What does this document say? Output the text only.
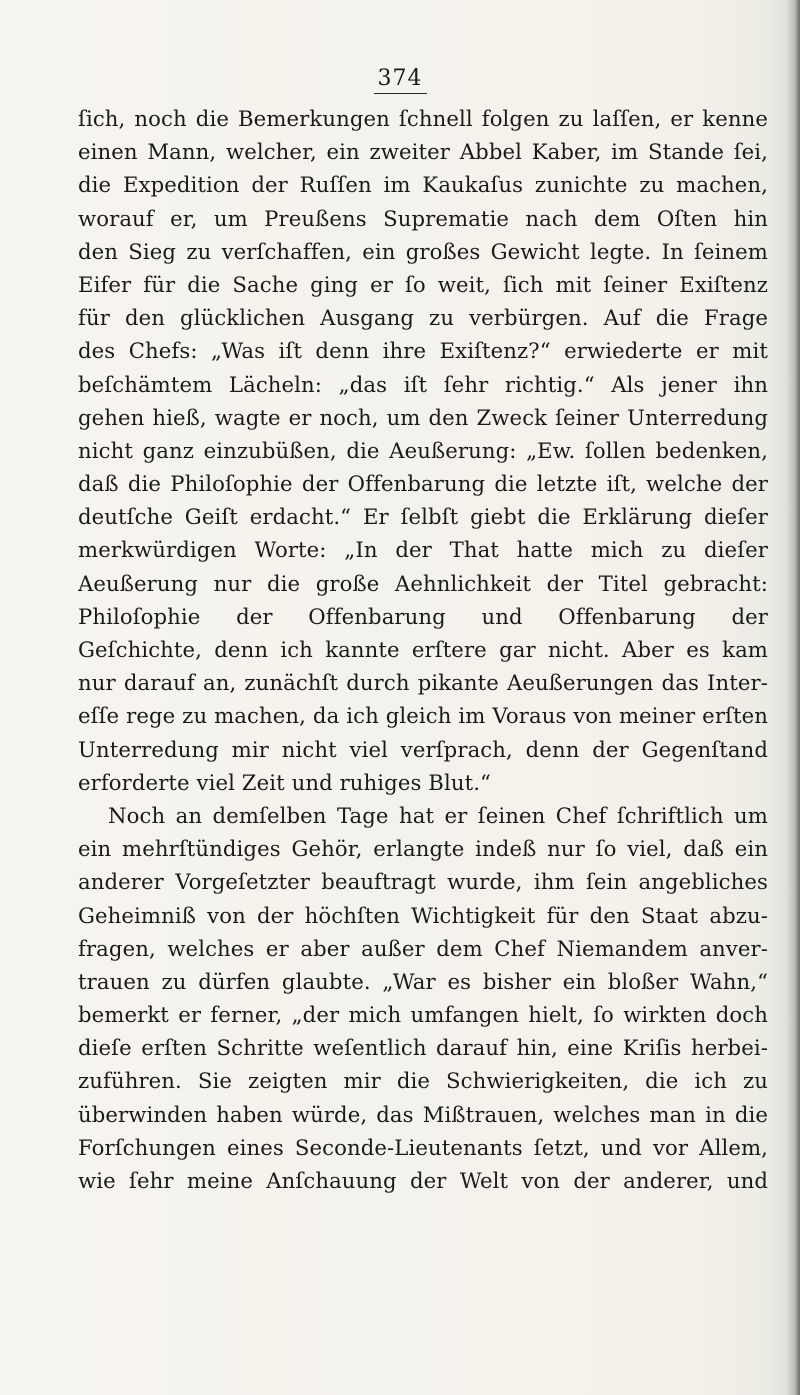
374
ſich, noch die Bemerkungen ſchnell folgen zu laſſen, er kenne
einen Mann, welcher, ein zweiter Abbel Kaber, im Stande ſei,
die Expedition der Ruſſen im Kaukaſus zunichte zu machen,
worauf er, um Preußens Suprematie nach dem Oſten hin
den Sieg zu verſchaffen, ein großes Gewicht legte. In ſeinem
Eifer für die Sache ging er ſo weit, ſich mit ſeiner Exiſtenz
für den glücklichen Ausgang zu verbürgen. Auf die Frage
des Chefs: „Was iſt denn ihre Exiſtenz?“ erwiederte er mit
beſchämtem Lächeln: „das iſt ſehr richtig.“ Als jener ihn
gehen hieß, wagte er noch, um den Zweck ſeiner Unterredung
nicht ganz einzubüßen, die Aeußerung: „Ew. ſollen bedenken,
daß die Philoſophie der Offenbarung die letzte iſt, welche der
deutſche Geiſt erdacht.“ Er ſelbſt giebt die Erklärung dieſer
merkwürdigen Worte: „In der That hatte mich zu dieſer
Aeußerung nur die große Aehnlichkeit der Titel gebracht:
Philoſophie der Offenbarung und Offenbarung der
Geſchichte, denn ich kannte erſtere gar nicht. Aber es kam
nur darauf an, zunächſt durch pikante Aeußerungen das Inter-
eſſe rege zu machen, da ich gleich im Voraus von meiner erſten
Unterredung mir nicht viel verſprach, denn der Gegenſtand
erforderte viel Zeit und ruhiges Blut.“
Noch an demſelben Tage hat er ſeinen Chef ſchriftlich um
ein mehrſtündiges Gehör, erlangte indeß nur ſo viel, daß ein
anderer Vorgeſetzter beauftragt wurde, ihm ſein angebliches
Geheimniß von der höchſten Wichtigkeit für den Staat abzu-
fragen, welches er aber außer dem Chef Niemandem anver-
trauen zu dürfen glaubte. „War es bisher ein bloßer Wahn,“
bemerkt er ferner, „der mich umfangen hielt, ſo wirkten doch
dieſe erſten Schritte weſentlich darauf hin, eine Kriſis herbei-
zuführen. Sie zeigten mir die Schwierigkeiten, die ich zu
überwinden haben würde, das Mißtrauen, welches man in die
Forſchungen eines Seconde-Lieutenants ſetzt, und vor Allem,
wie ſehr meine Anſchauung der Welt von der anderer, und
